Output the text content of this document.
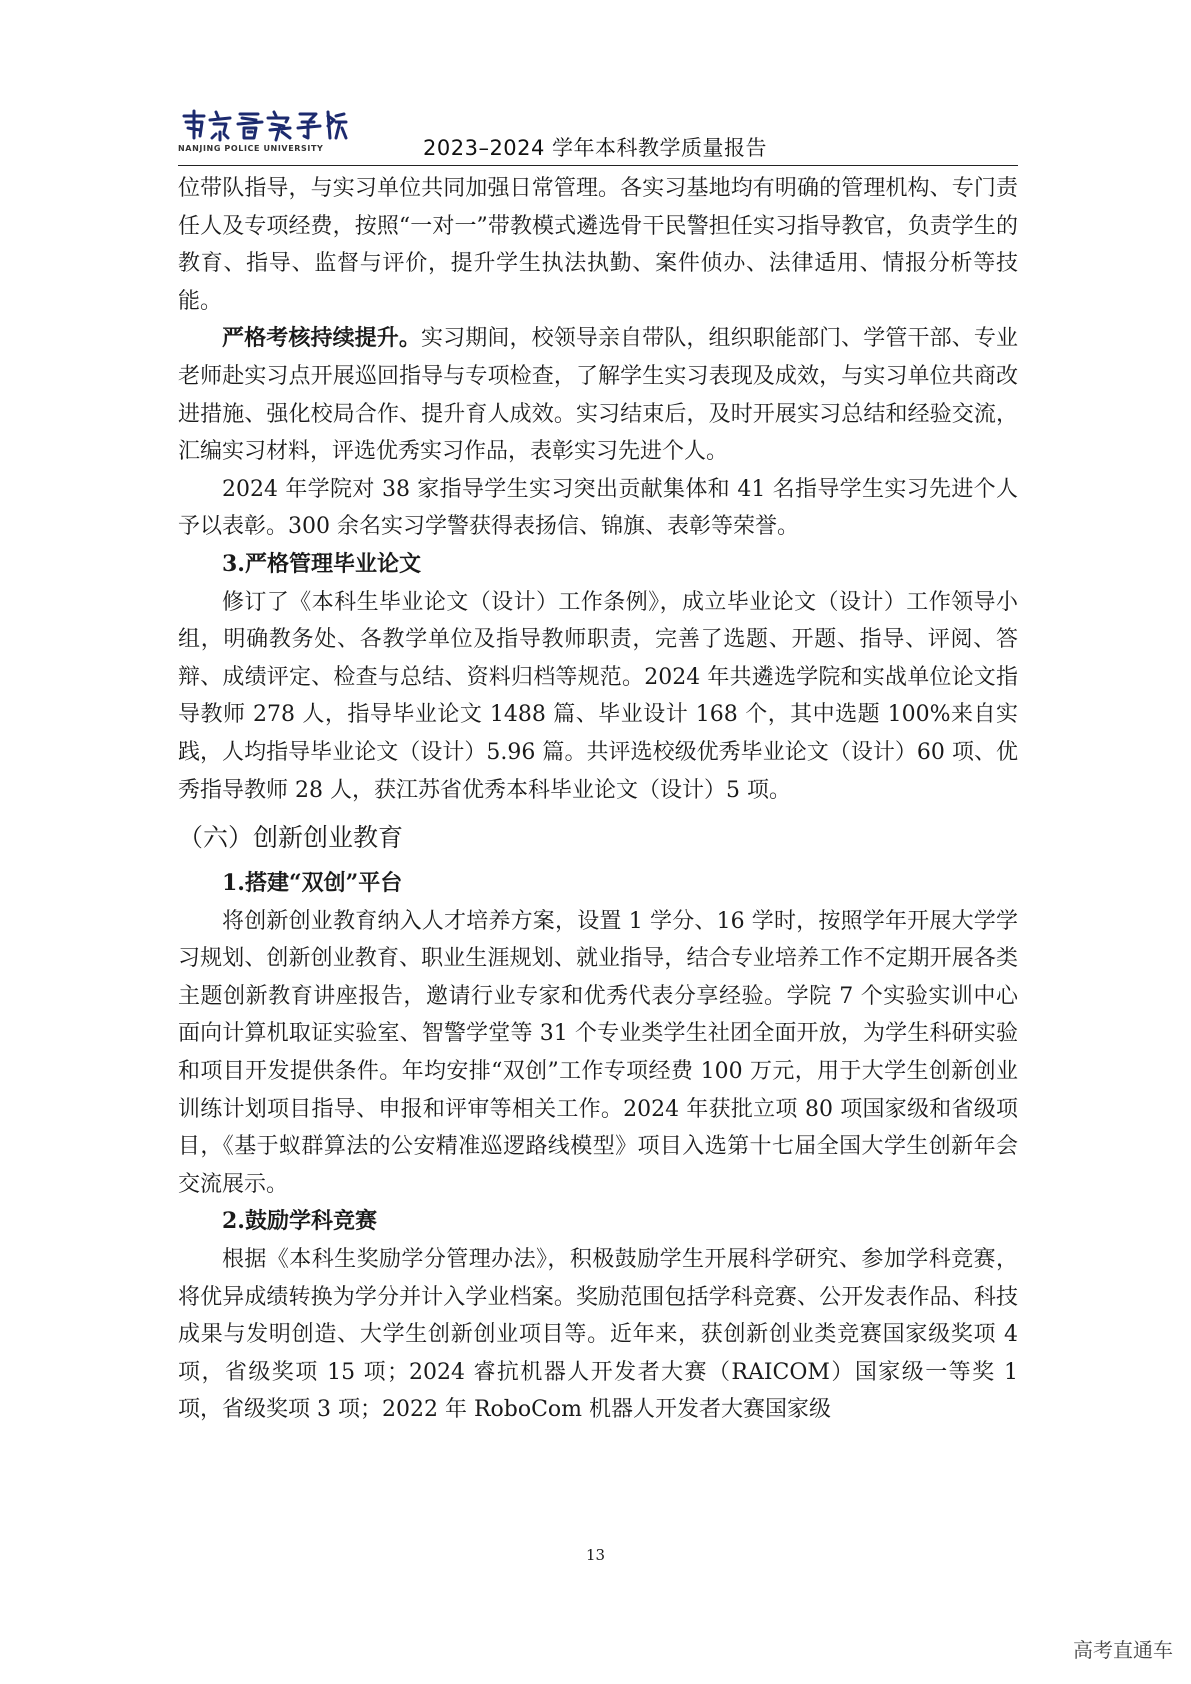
NANJING POLICE UNIVERSITY	2023–2024 学年本科教学质量报告

位带队指导，与实习单位共同加强日常管理。各实习基地均有明确的管理机构、专门责任人及专项经费，按照“一对一”带教模式遴选骨干民警担任实习指导教官，负责学生的教育、指导、监督与评价，提升学生执法执勤、案件侦办、法律适用、情报分析等技能。

严格考核持续提升。实习期间，校领导亲自带队，组织职能部门、学管干部、专业老师赴实习点开展巡回指导与专项检查，了解学生实习表现及成效，与实习单位共商改进措施、强化校局合作、提升育人成效。实习结束后，及时开展实习总结和经验交流，汇编实习材料，评选优秀实习作品，表彰实习先进个人。

2024 年学院对 38 家指导学生实习突出贡献集体和 41 名指导学生实习先进个人予以表彰。300 余名实习学警获得表扬信、锦旗、表彰等荣誉。

3.严格管理毕业论文

修订了《本科生毕业论文（设计）工作条例》，成立毕业论文（设计）工作领导小组，明确教务处、各教学单位及指导教师职责，完善了选题、开题、指导、评阅、答辩、成绩评定、检查与总结、资料归档等规范。2024 年共遴选学院和实战单位论文指导教师 278 人，指导毕业论文 1488 篇、毕业设计 168 个，其中选题 100%来自实践，人均指导毕业论文（设计）5.96 篇。共评选校级优秀毕业论文（设计）60 项、优秀指导教师 28 人，获江苏省优秀本科毕业论文（设计）5 项。

（六）创新创业教育

1.搭建“双创”平台

将创新创业教育纳入人才培养方案，设置 1 学分、16 学时，按照学年开展大学学习规划、创新创业教育、职业生涯规划、就业指导，结合专业培养工作不定期开展各类主题创新教育讲座报告，邀请行业专家和优秀代表分享经验。学院 7 个实验实训中心面向计算机取证实验室、智警学堂等 31 个专业类学生社团全面开放，为学生科研实验和项目开发提供条件。年均安排“双创”工作专项经费 100 万元，用于大学生创新创业训练计划项目指导、申报和评审等相关工作。2024 年获批立项 80 项国家级和省级项目，《基于蚁群算法的公安精准巡逻路线模型》项目入选第十七届全国大学生创新年会交流展示。

2.鼓励学科竞赛

根据《本科生奖励学分管理办法》，积极鼓励学生开展科学研究、参加学科竞赛，将优异成绩转换为学分并计入学业档案。奖励范围包括学科竞赛、公开发表作品、科技成果与发明创造、大学生创新创业项目等。近年来，获创新创业类竞赛国家级奖项 4 项，省级奖项 15 项；2024 睿抗机器人开发者大赛（RAICOM）国家级一等奖 1 项，省级奖项 3 项；2022 年 RoboCom 机器人开发者大赛国家级

13
高考直通车
